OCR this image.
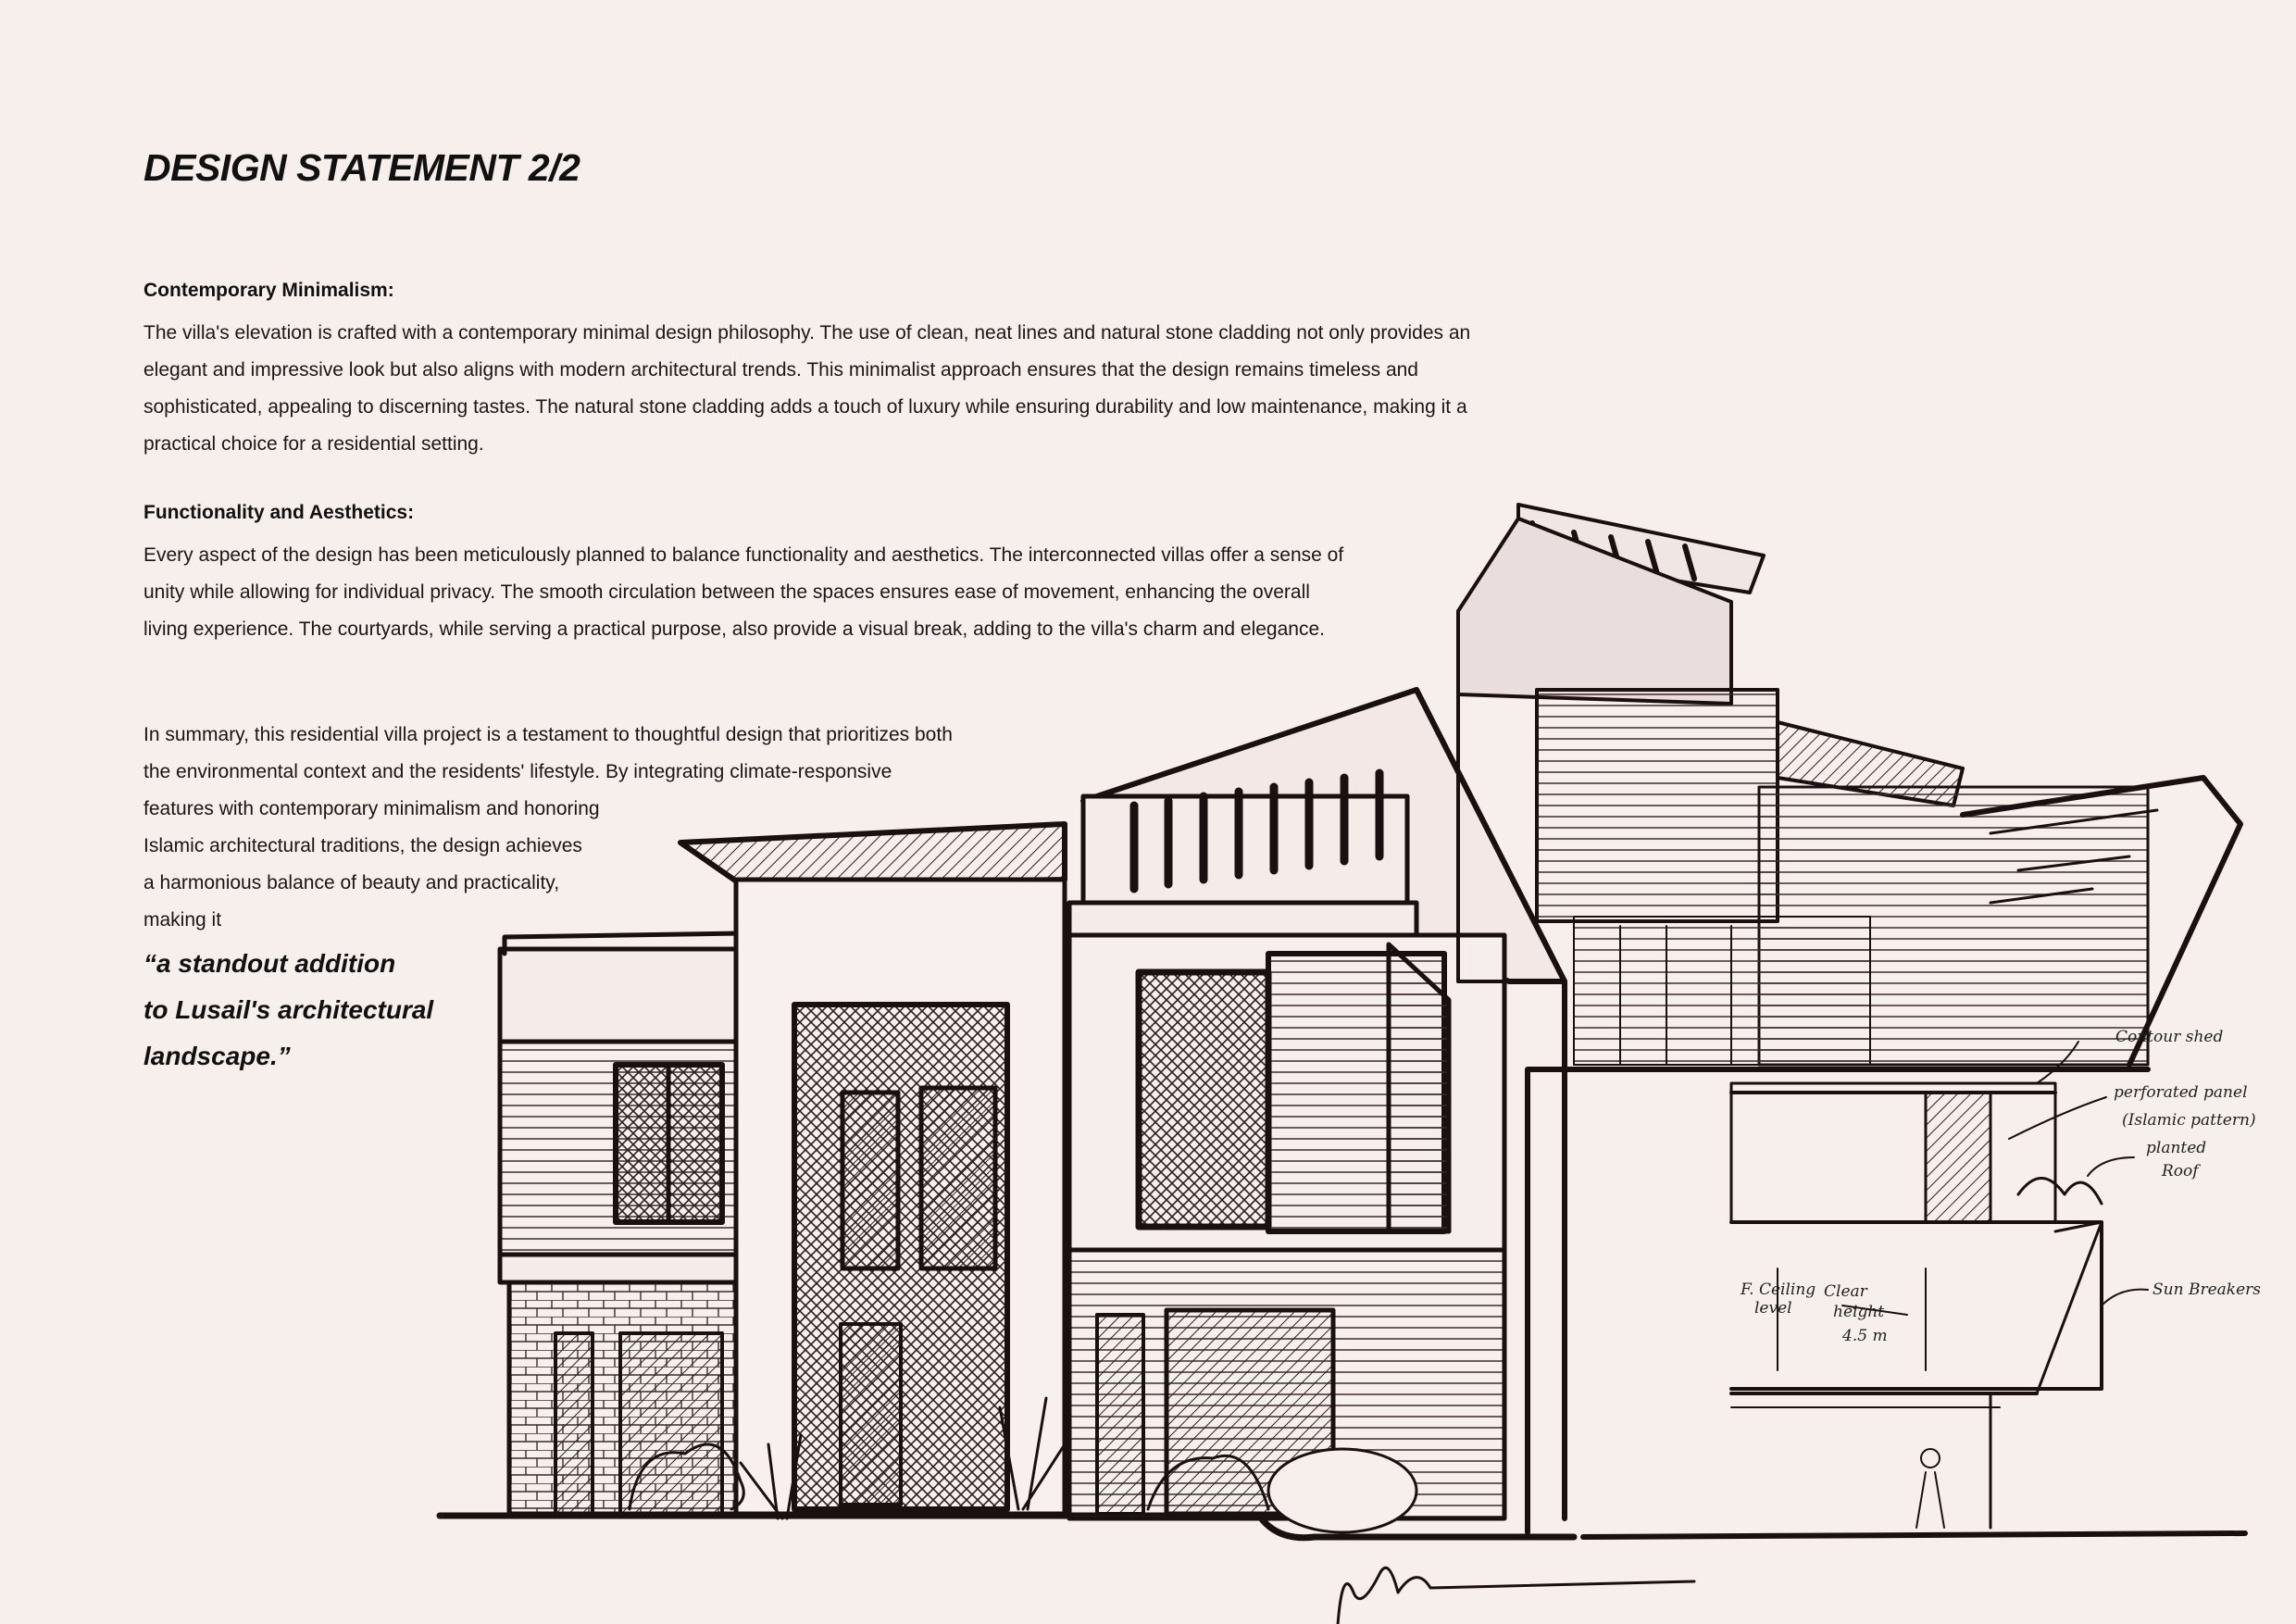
DESIGN STATEMENT 2/2
Contemporary Minimalism:

The villa's elevation is crafted with a contemporary minimal design philosophy. The use of clean, neat lines and natural stone cladding not only provides an elegant and impressive look but also aligns with modern architectural trends. This minimalist approach ensures that the design remains timeless and sophisticated, appealing to discerning tastes. The natural stone cladding adds a touch of luxury while ensuring durability and low maintenance, making it a practical choice for a residential setting.

Functionality and Aesthetics:

Every aspect of the design has been meticulously planned to balance functionality and aesthetics. The interconnected villas offer a sense of unity while allowing for individual privacy. The smooth circulation between the spaces ensures ease of movement, enhancing the overall living experience. The courtyards, while serving a practical purpose, also provide a visual break, adding to the villa's charm and elegance.

In summary, this residential villa project is a testament to thoughtful design that prioritizes both
the environmental context and the residents' lifestyle. By integrating climate-responsive
features with contemporary minimalism and honoring
Islamic architectural traditions, the design achieves
a harmonious balance of beauty and practicality,
making it
“a standout addition
to Lusail's architectural
landscape.”
Contour shed
perforated panel
(Islamic pattern)
planted
Roof
Sun Breakers
F. Ceiling
level
Clear
height
4.5 m
